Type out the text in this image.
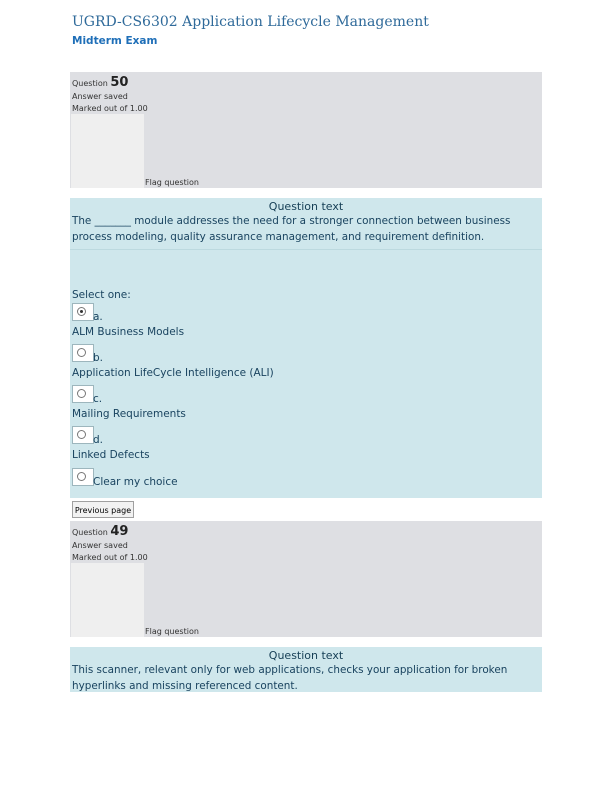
UGRD-CS6302 Application Lifecycle Management
Midterm Exam
Question 50
Answer saved
Marked out of 1.00
Flag question
Question text
The _______ module addresses the need for a stronger connection between business process modeling, quality assurance management, and requirement definition.
Select one:
a.
ALM Business Models
b.
Application LifeCycle Intelligence (ALI)
c.
Mailing Requirements
d.
Linked Defects
Clear my choice
Previous page
Question 49
Answer saved
Marked out of 1.00
Flag question
Question text
This scanner, relevant only for web applications, checks your application for broken hyperlinks and missing referenced content.
